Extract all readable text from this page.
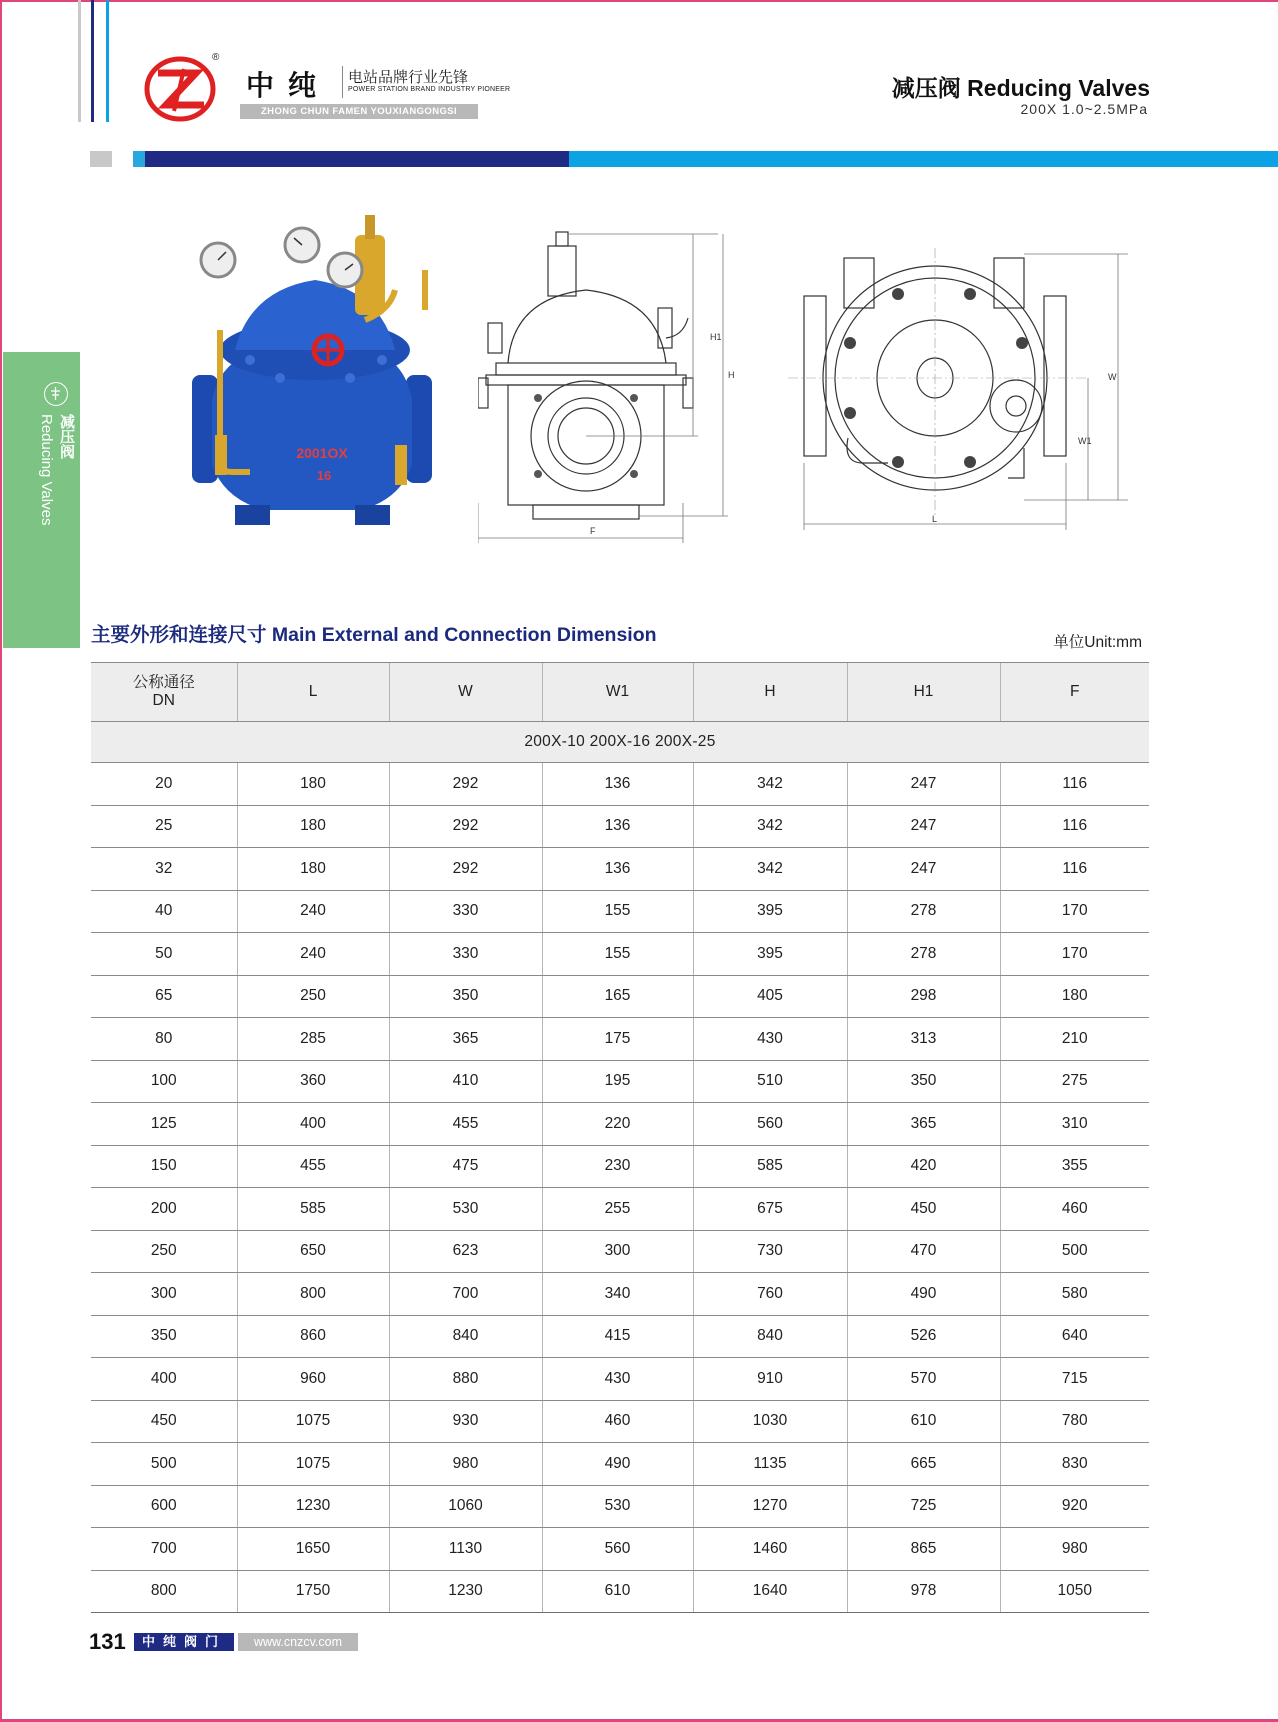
®
中纯 电站品牌行业先锋
POWER STATION BRAND INDUSTRY PIONEER
ZHONG CHUN FAMEN YOUXIANGONGSI
减压阀 Reducing Valves
200X 1.0~2.5MPa
减压阀
Reducing Valves	2001OX
16
H1
H
F
W
W1
L
主要外形和连接尺寸 Main External and Connection Dimension	单位Unit:mm
公称通径
DN	L	W	W1	H	H1	F
200X-10 200X-16 200X-25						
20	180	292	136	342	247	116
25	180	292	136	342	247	116
32	180	292	136	342	247	116
40	240	330	155	395	278	170
50	240	330	155	395	278	170
65	250	350	165	405	298	180
80	285	365	175	430	313	210
100	360	410	195	510	350	275
125	400	455	220	560	365	310
150	455	475	230	585	420	355
200	585	530	255	675	450	460
250	650	623	300	730	470	500
300	800	700	340	760	490	580
350	860	840	415	840	526	640
400	960	880	430	910	570	715
450	1075	930	460	1030	610	780
500	1075	980	490	1135	665	830
600	1230	1060	530	1270	725	920
700	1650	1130	560	1460	865	980
800	1750	1230	610	1640	978	1050
131	中纯阀门	www.cnzcv.com
